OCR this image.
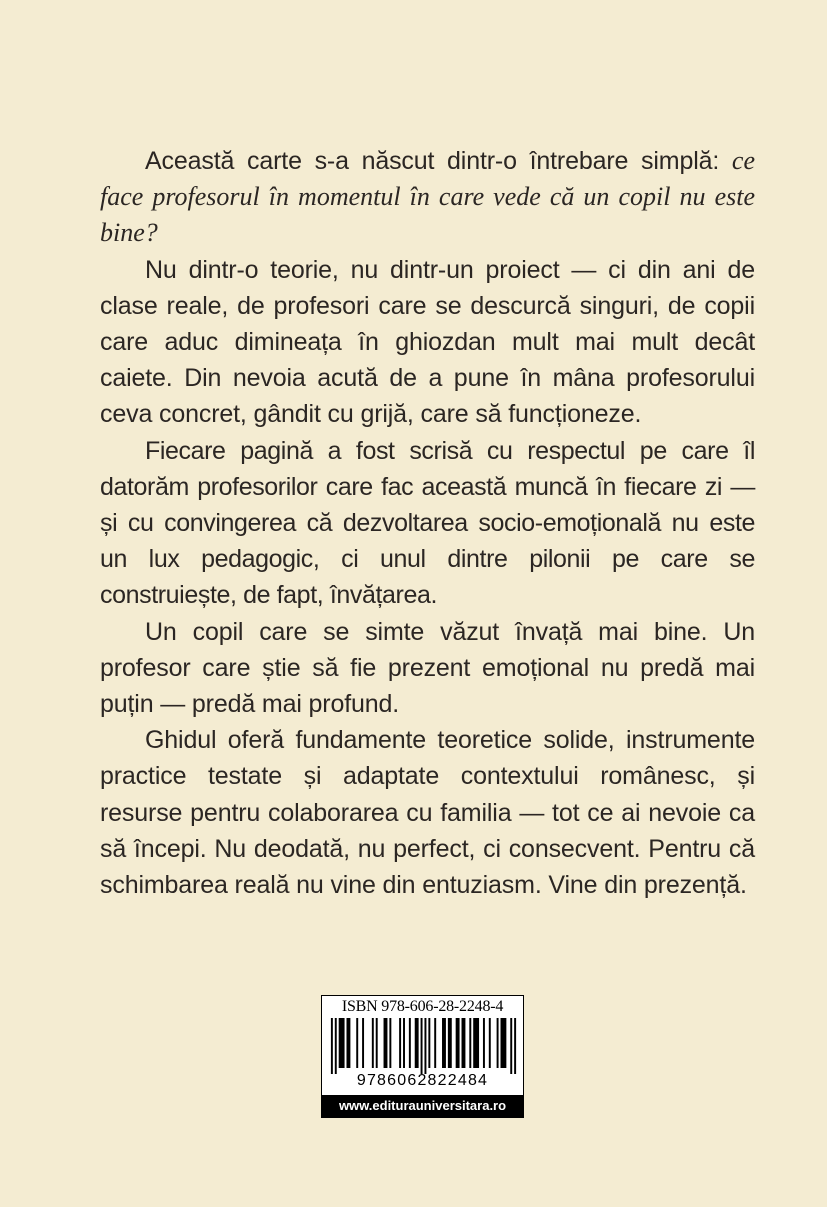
Această carte s-a născut dintr-o întrebare simplă: ce face profesorul în momentul în care vede că un copil nu este bine?

Nu dintr-o teorie, nu dintr-un proiect — ci din ani de clase reale, de profesori care se descurcă singuri, de copii care aduc dimineața în ghiozdan mult mai mult decât caiete. Din nevoia acută de a pune în mâna profesorului ceva concret, gândit cu grijă, care să funcționeze.

Fiecare pagină a fost scrisă cu respectul pe care îl datorăm profesorilor care fac această muncă în fiecare zi — și cu convingerea că dezvoltarea socio-emoțională nu este un lux pedagogic, ci unul dintre pilonii pe care se construiește, de fapt, învățarea.

Un copil care se simte văzut învață mai bine. Un profesor care știe să fie prezent emoțional nu predă mai puțin — predă mai profund.

Ghidul oferă fundamente teoretice solide, instrumente practice testate și adaptate contextului românesc, și resurse pentru colaborarea cu familia — tot ce ai nevoie ca să începi. Nu deodată, nu perfect, ci consecvent. Pentru că schimbarea reală nu vine din entuziasm. Vine din prezență.

ISBN 978-606-28-2248-4
9786062822484
www.editurauniversitara.ro
